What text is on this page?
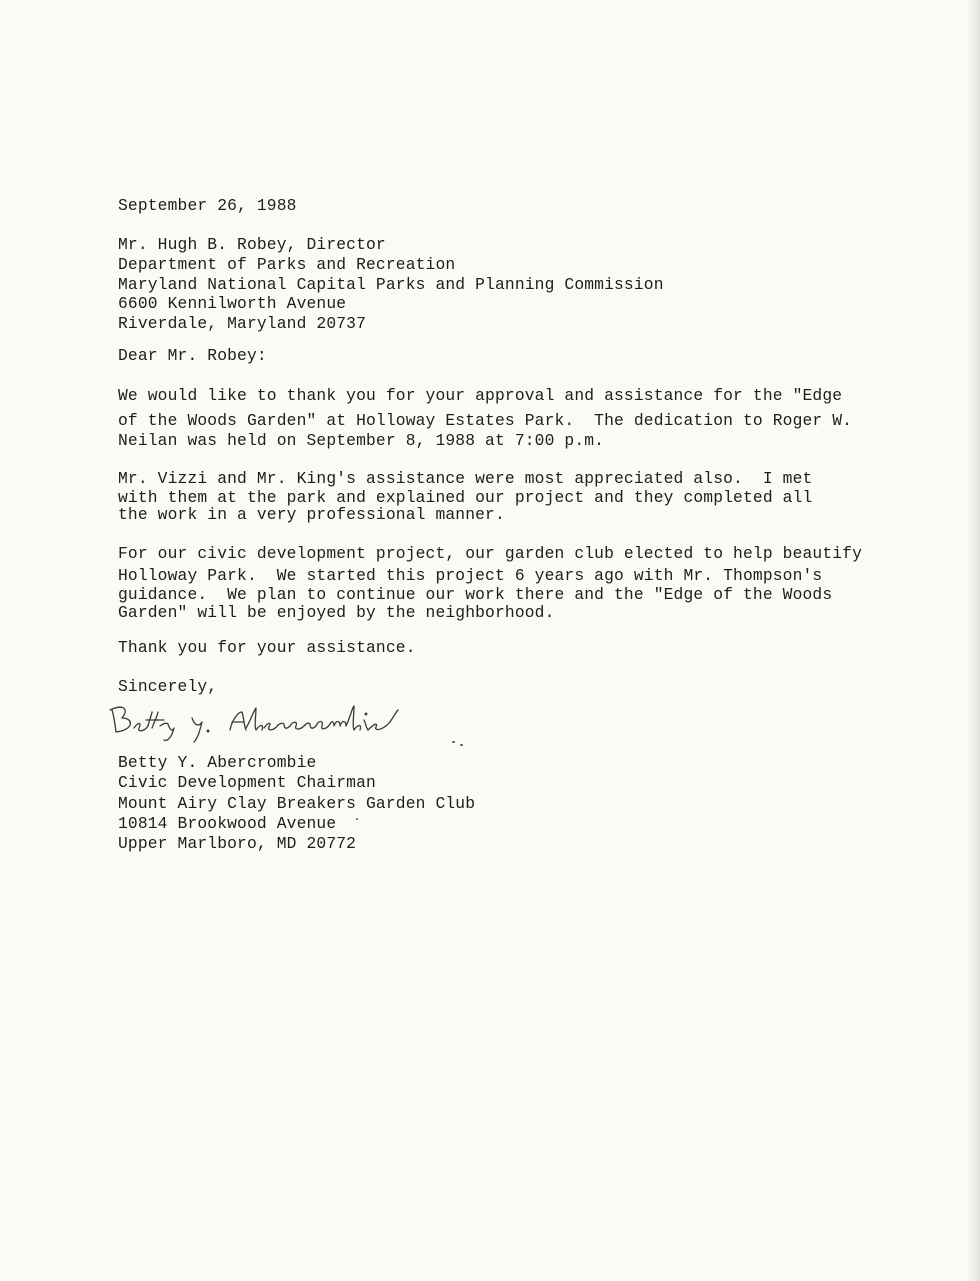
September 26, 1988

Mr. Hugh B. Robey, Director

Department of Parks and Recreation

Maryland National Capital Parks and Planning Commission

6600 Kennilworth Avenue

Riverdale, Maryland 20737

Dear Mr. Robey:

We would like to thank you for your approval and assistance for the "Edge

of the Woods Garden" at Holloway Estates Park.  The dedication to Roger W.

Neilan was held on September 8, 1988 at 7:00 p.m.

Mr. Vizzi and Mr. King's assistance were most appreciated also.  I met

with them at the park and explained our project and they completed all

the work in a very professional manner.

For our civic development project, our garden club elected to help beautify

Holloway Park.  We started this project 6 years ago with Mr. Thompson's

guidance.  We plan to continue our work there and the "Edge of the Woods

Garden" will be enjoyed by the neighborhood.

Thank you for your assistance.

Sincerely,

Betty Y. Abercrombie

Civic Development Chairman

Mount Airy Clay Breakers Garden Club

10814 Brookwood Avenue

Upper Marlboro, MD 20772
